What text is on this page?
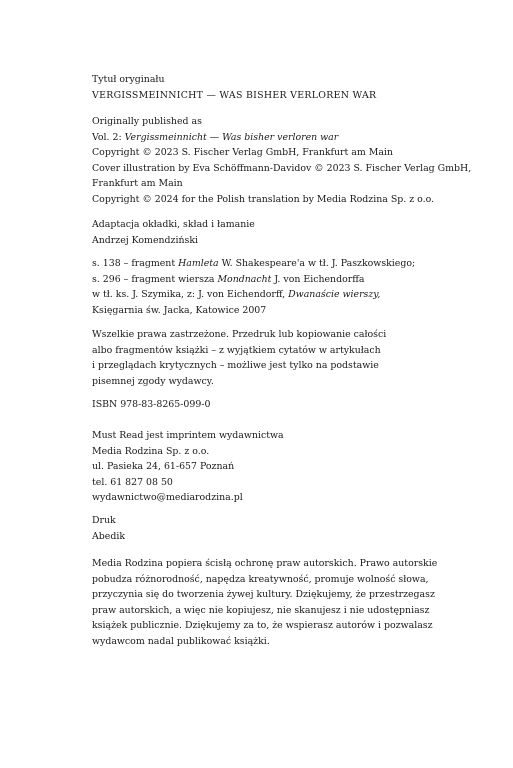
Tytuł oryginału
VERGISSMEINNICHT — WAS BISHER VERLOREN WAR
Originally published as
Vol. 2: Vergissmeinnicht — Was bisher verloren war
Copyright © 2023 S. Fischer Verlag GmbH, Frankfurt am Main
Cover illustration by Eva Schöffmann-Davidov © 2023 S. Fischer Verlag GmbH,
Frankfurt am Main
Copyright © 2024 for the Polish translation by Media Rodzina Sp. z o.o.
Adaptacja okładki, skład i łamanie
Andrzej Komendziński
s. 138 – fragment Hamleta W. Shakespeare'a w tł. J. Paszkowskiego;
s. 296 – fragment wiersza Mondnacht J. von Eichendorffa
w tł. ks. J. Szymika, z: J. von Eichendorff, Dwanaście wierszy,
Księgarnia św. Jacka, Katowice 2007
Wszelkie prawa zastrzeżone. Przedruk lub kopiowanie całości
albo fragmentów książki – z wyjątkiem cytatów w artykułach
i przeglądach krytycznych – możliwe jest tylko na podstawie
pisemnej zgody wydawcy.
ISBN 978-83-8265-099-0
Must Read jest imprintem wydawnictwa
Media Rodzina Sp. z o.o.
ul. Pasieka 24, 61-657 Poznań
tel. 61 827 08 50
wydawnictwo@mediarodzina.pl
Druk
Abedik
Media Rodzina popiera ścisłą ochronę praw autorskich. Prawo autorskie
pobudza różnorodność, napędza kreatywność, promuje wolność słowa,
przyczynia się do tworzenia żywej kultury. Dziękujemy, że przestrzegasz
praw autorskich, a więc nie kopiujesz, nie skanujesz i nie udostępniasz
książek publicznie. Dziękujemy za to, że wspierasz autorów i pozwalasz
wydawcom nadal publikować książki.
